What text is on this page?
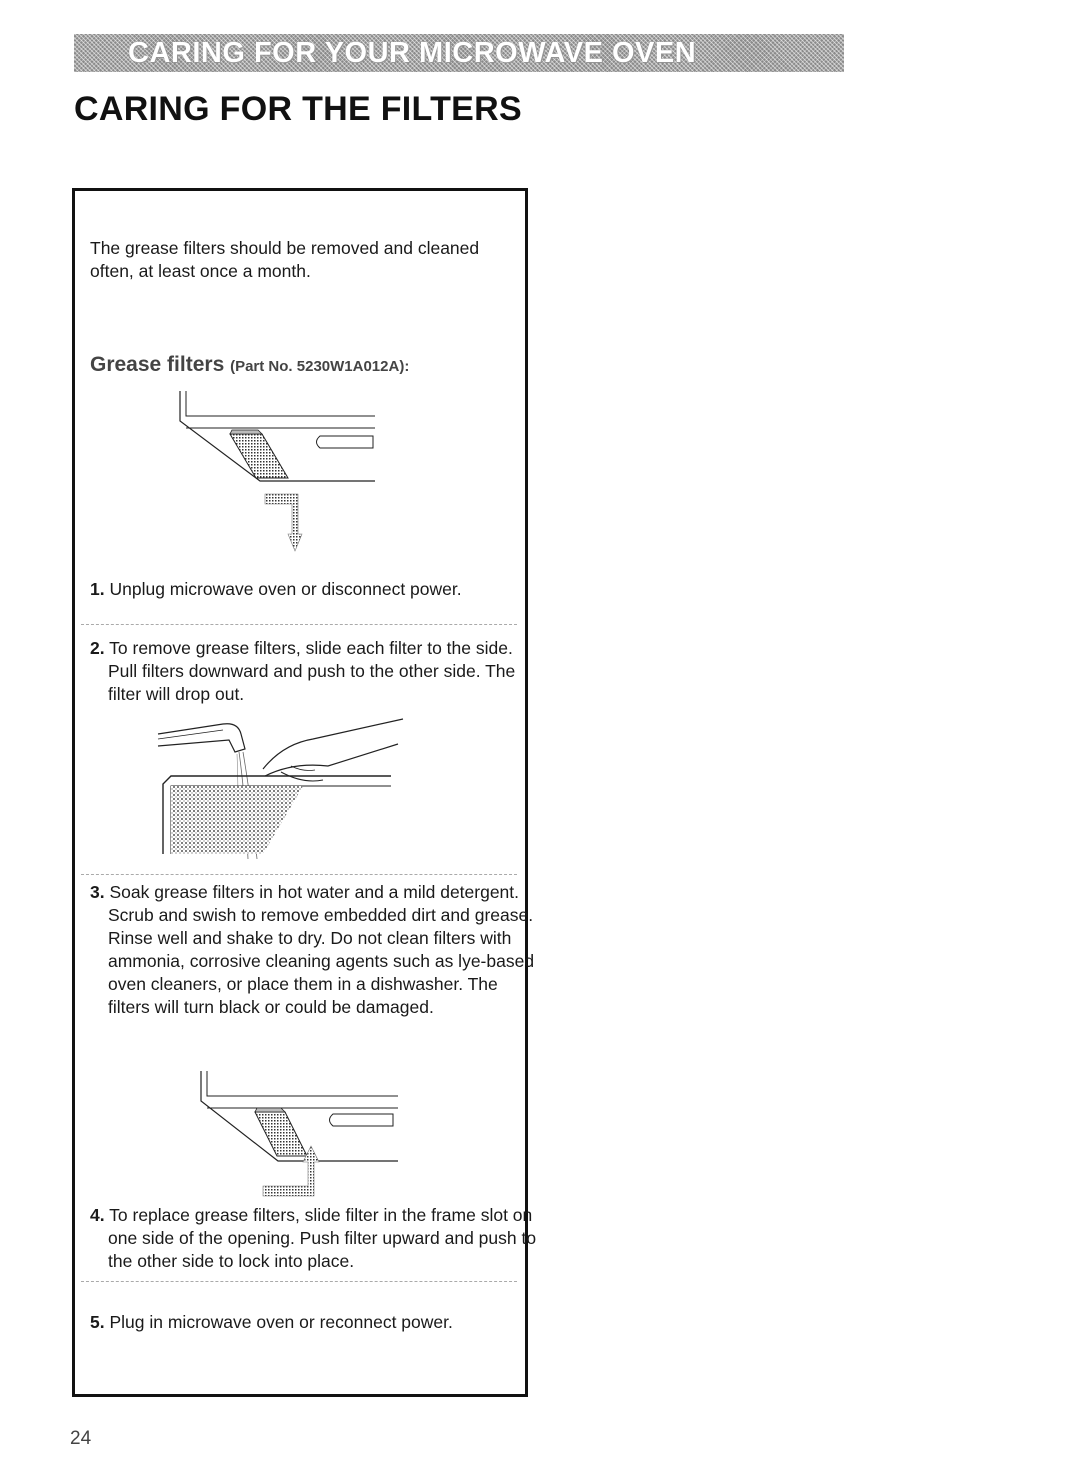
CARING FOR YOUR MICROWAVE OVEN
CARING FOR THE FILTERS

The grease filters should be removed and cleaned often, at least once a month.

Grease filters (Part No. 5230W1A012A):

1. Unplug microwave oven or disconnect power.

2. To remove grease filters, slide each filter to the side. Pull filters downward and push to the other side. The filter will drop out.

3. Soak grease filters in hot water and a mild detergent. Scrub and swish to remove embedded dirt and grease. Rinse well and shake to dry. Do not clean filters with ammonia, corrosive cleaning agents such as lye-based oven cleaners, or place them in a dishwasher. The filters will turn black or could be damaged.

4. To replace grease filters, slide filter in the frame slot on one side of the opening. Push filter upward and push to the other side to lock into place.

5. Plug in microwave oven or reconnect power.

24
